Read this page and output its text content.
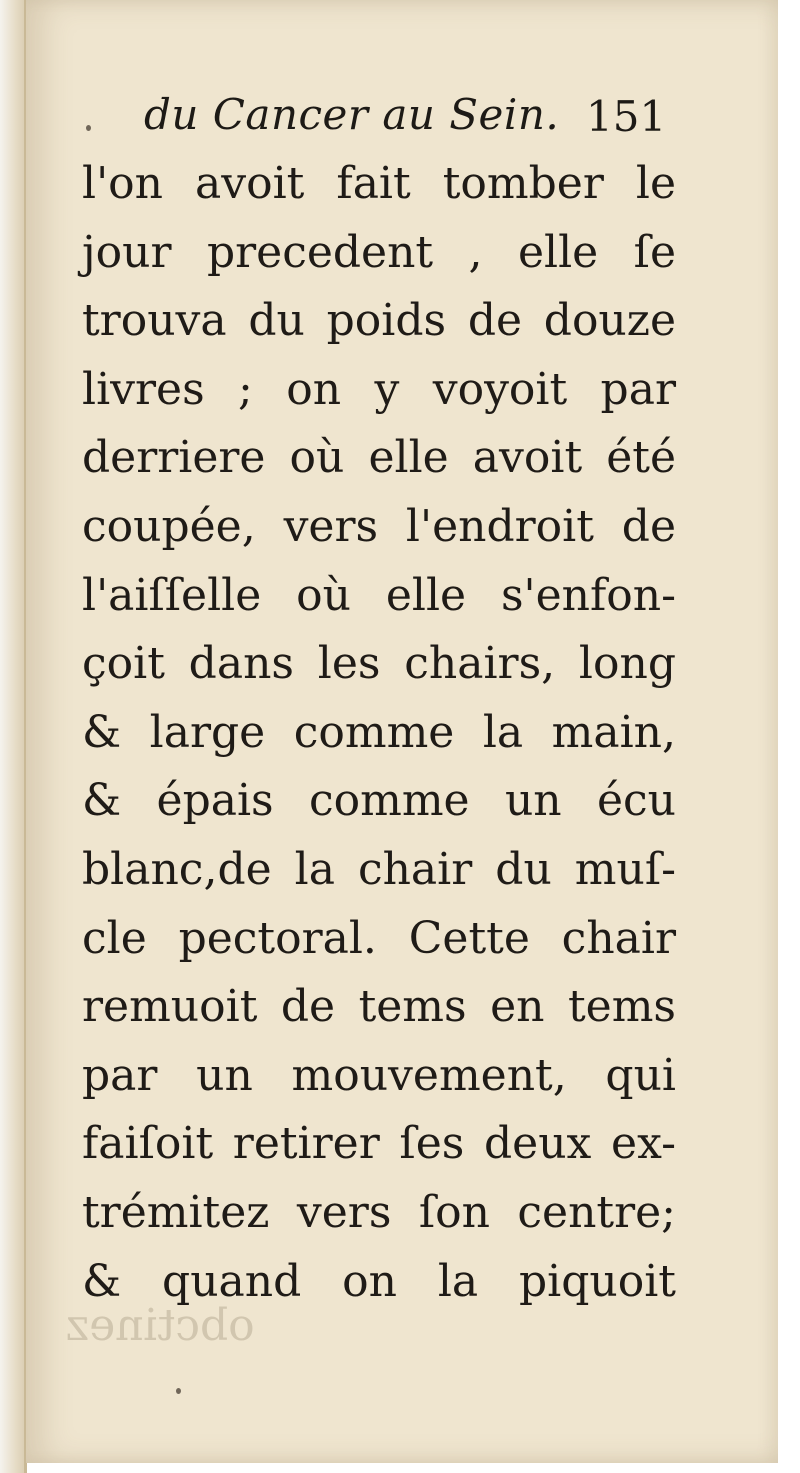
du Cancer au Sein. 151
l'on avoit fait tomber le
jour precedent , elle ſe
trouva du poids de douze
livres ; on y voyoit par
derriere où elle avoit été
coupée, vers l'endroit de
l'aiſſelle où elle s'enfon-
çoit dans les chairs, long
& large comme la main,
& épais comme un écu
blanc,de la chair du muſ-
cle pectoral. Cette chair
remuoit de tems en tems
par un mouvement, qui
faiſoit retirer ſes deux ex-
trémitez vers ſon centre;
& quand on la piquoit
obctinez
